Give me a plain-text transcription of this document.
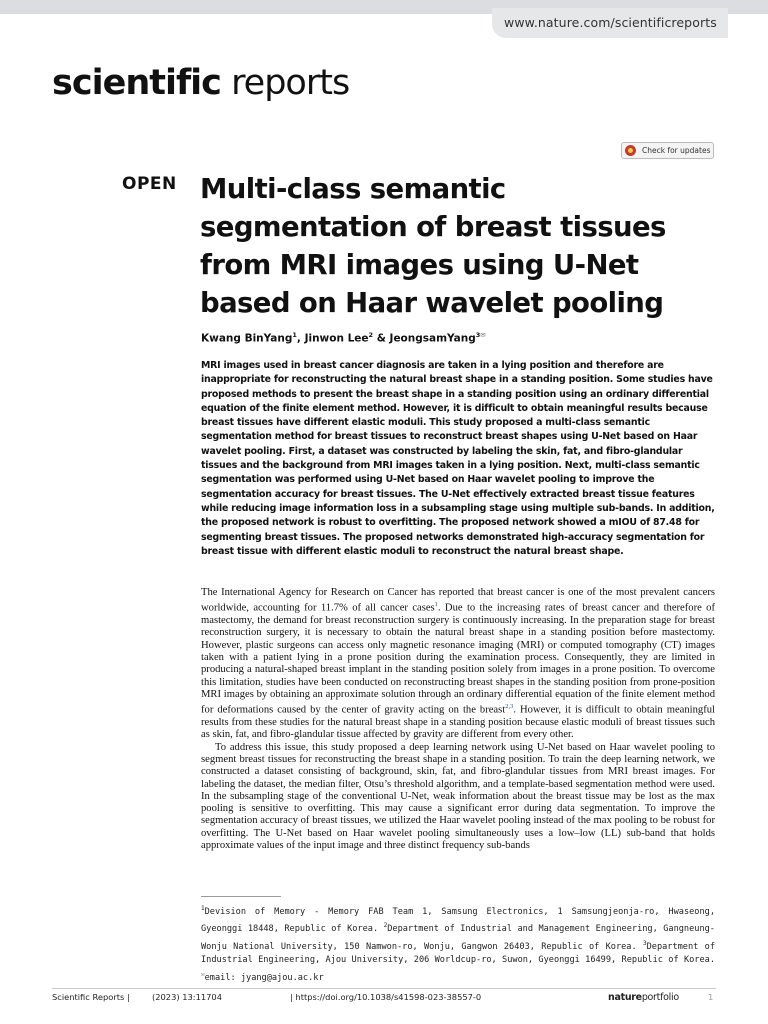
www.nature.com/scientificreports
scientific reports
Check for updates
OPEN Multi-class semantic segmentation of breast tissues from MRI images using U-Net based on Haar wavelet pooling
Kwang BinYang$^1$, Jinwon Lee$^2$ & JeongsamYang$^{3✉}$

MRI images used in breast cancer diagnosis are taken in a lying position and therefore are inappropriate for reconstructing the natural breast shape in a standing position. Some studies have proposed methods to present the breast shape in a standing position using an ordinary differential equation of the finite element method. However, it is difficult to obtain meaningful results because breast tissues have different elastic moduli. This study proposed a multi-class semantic segmentation method for breast tissues to reconstruct breast shapes using U-Net based on Haar wavelet pooling. First, a dataset was constructed by labeling the skin, fat, and fibro-glandular tissues and the background from MRI images taken in a lying position. Next, multi-class semantic segmentation was performed using U-Net based on Haar wavelet pooling to improve the segmentation accuracy for breast tissues. The U-Net effectively extracted breast tissue features while reducing image information loss in a subsampling stage using multiple sub-bands. In addition, the proposed network is robust to overfitting. The proposed network showed a mIOU of 87.48 for segmenting breast tissues. The proposed networks demonstrated high-accuracy segmentation for breast tissue with different elastic moduli to reconstruct the natural breast shape.

The International Agency for Research on Cancer has reported that breast cancer is one of the most prevalent cancers worldwide, accounting for 11.7% of all cancer cases$^1$. Due to the increasing rates of breast cancer and therefore of mastectomy, the demand for breast reconstruction surgery is continuously increasing. In the preparation stage for breast reconstruction surgery, it is necessary to obtain the natural breast shape in a standing position before mastectomy. However, plastic surgeons can access only magnetic resonance imaging (MRI) or computed tomography (CT) images taken with a patient lying in a prone position during the examination process. Consequently, they are limited in producing a natural-shaped breast implant in the standing position solely from images in a prone position. To overcome this limitation, studies have been conducted on reconstructing breast shapes in the standing position from prone-position MRI images by obtaining an approximate solution through an ordinary differential equation of the finite element method for deformations caused by the center of gravity acting on the breast$^{2,3}$. However, it is difficult to obtain meaningful results from these studies for the natural breast shape in a standing position because elastic moduli of breast tissues such as skin, fat, and fibro-glandular tissue affected by gravity are different from every other.

To address this issue, this study proposed a deep learning network using U-Net based on Haar wavelet pooling to segment breast tissues for reconstructing the breast shape in a standing position. To train the deep learning network, we constructed a dataset consisting of background, skin, fat, and fibro-glandular tissues from MRI breast images. For labeling the dataset, the median filter, Otsu’s threshold algorithm, and a template-based segmentation method were used. In the subsampling stage of the conventional U-Net, weak information about the breast tissue may be lost as the max pooling is sensitive to overfitting. This may cause a significant error during data segmentation. To improve the segmentation accuracy of breast tissues, we utilized the Haar wavelet pooling instead of the max pooling to be robust for overfitting. The U-Net based on Haar wavelet pooling simultaneously uses a low–low (LL) sub-band that holds approximate values of the input image and three distinct frequency sub-bands

$^1$Devision of Memory - Memory FAB Team 1, Samsung Electronics, 1 Samsungjeonja-ro, Hwaseong, Gyeonggi 18448, Republic of Korea. $^2$Department of Industrial and Management Engineering, Gangneung-Wonju National University, 150 Namwon-ro, Wonju, Gangwon 26403, Republic of Korea. $^3$Department of Industrial Engineering, Ajou University, 206 Worldcup-ro, Suwon, Gyeonggi 16499, Republic of Korea. ✉email: jyang@ajou.ac.kr

Scientific Reports |	(2023) 13:11704	| https://doi.org/10.1038/s41598-023-38557-0	natureportfolio	1
